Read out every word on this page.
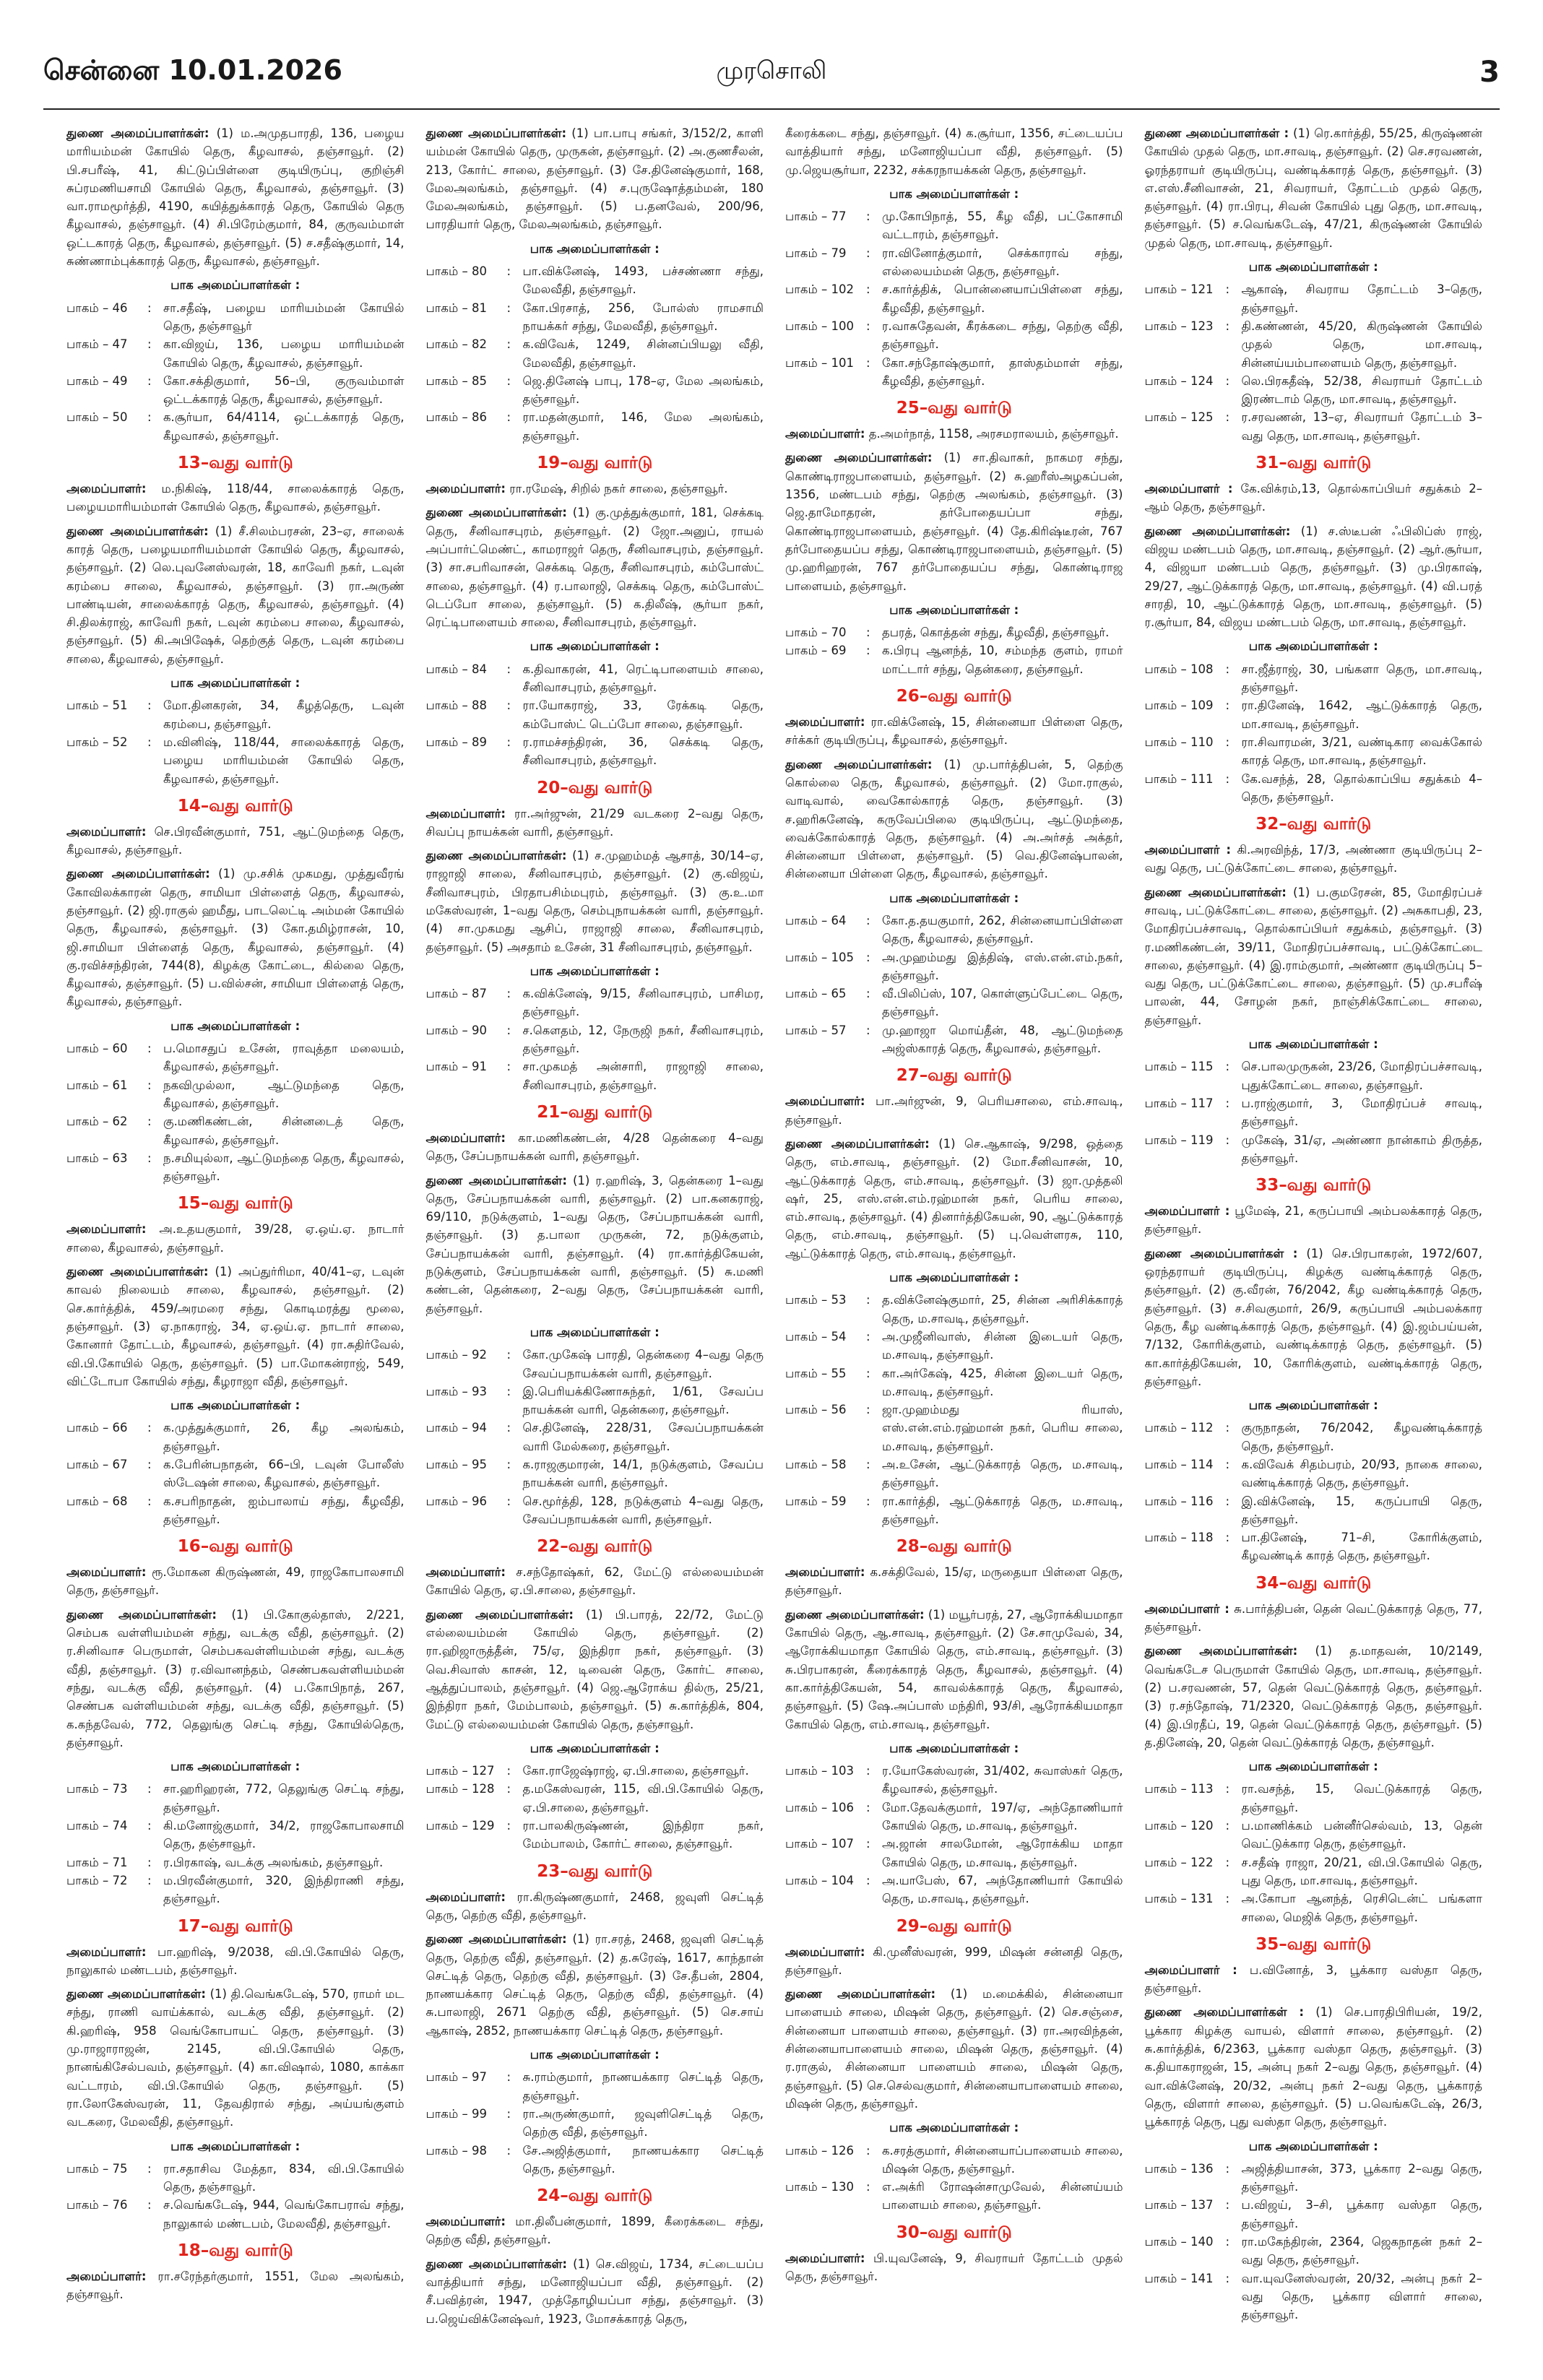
சென்னை 10.01.2026	முரசொலி	3

துணை அமைப்பாளர்கள்: (1) ம.அமுதபாரதி, 136, பழைய மாரியம்மன் கோயில் தெரு, கீழவாசல், தஞ்சாவூர். (2) பி.சபரீஷ், 41, கிட்டுப்பிள்ளை குடியிருப்பு, குறிஞ்சி சுப்ரமணியசாமி கோயில் தெரு, கீழவாசல், தஞ்சாவூர். (3) வா.ராமமூர்த்தி, 4190, கயித்துக்காரத் தெரு, கோயில் தெரு கீழவாசல், தஞ்சாவூர். (4) சி.பிரேம்குமார், 84, குருவம்மாள் ஒட்டகாரத் தெரு, கீழவாசல், தஞ்சாவூர். (5) ச.சதீஷ்குமார், 14, சுண்ணாம்புக்காரத் தெரு, கீழவாசல், தஞ்சாவூர்.

பாக அமைப்பாளர்கள் :
பாகம் – 46	: சா.சதீஷ், பழைய மாரியம்மன் கோயில் தெரு, தஞ்சாவூர்
பாகம் – 47	: கா.விஜய், 136, பழைய மாரியம்மன் கோயில் தெரு, கீழவாசல், தஞ்சாவூர்.
பாகம் – 49	: கோ.சக்திகுமார், 56–பி, குருவம்மாள் ஒட்டக்காரத் தெரு, கீழவாசல், தஞ்சாவூர்.
பாகம் – 50	: க.சூர்யா, 64/4114, ஒட்டக்காரத் தெரு, கீழவாசல், தஞ்சாவூர்.
13–வது வார்டு

அமைப்பாளர்: ம.நிகிஷ், 118/44, சாலைக்காரத் தெரு, பழையமாரியம்மாள் கோயில் தெரு, கீழவாசல், தஞ்சாவூர்.

துணை அமைப்பாளர்கள்: (1) சீ.சிலம்பரசன், 23–ஏ, சாலைக் காரத் தெரு, பழையமாரியம்மாள் கோயில் தெரு, கீழவாசல், தஞ்சாவூர். (2) லெ.புவனேஸ்வரன், 18, காவேரி நகர், டவுன் கரம்பை சாலை, கீழவாசல், தஞ்சாவூர். (3) ரா.அருண் பாண்டியன், சாலைக்காரத் தெரு, கீழவாசல், தஞ்சாவூர். (4) சி.திலக்ராஜ், காவேரி நகர், டவுன் கரம்பை சாலை, கீழவாசல், தஞ்சாவூர். (5) கி.அபிஷேக், தெற்குத் தெரு, டவுன் கரம்பை சாலை, கீழவாசல், தஞ்சாவூர்.

பாக அமைப்பாளர்கள் :
பாகம் – 51	: மோ.தினகரன், 34, கீழத்தெரு, டவுன் கரம்பை, தஞ்சாவூர்.
பாகம் – 52	: ம.வினிஷ், 118/44, சாலைக்காரத் தெரு, பழைய மாரியம்மன் கோயில் தெரு, கீழவாசல், தஞ்சாவூர்.
14–வது வார்டு

அமைப்பாளர்: செ.பிரவீன்குமார், 751, ஆட்டுமந்தை தெரு, கீழவாசல், தஞ்சாவூர்.

துணை அமைப்பாளர்கள்: (1) மு.சசிக் முகமது, முத்துவீரங் கோவிலக்காரன் தெரு, சாமியா பிள்ளைத் தெரு, கீழவாசல், தஞ்சாவூர். (2) ஜி.ராகுல் ஹமீது, பாடலெட்டி அம்மன் கோயில் தெரு, கீழவாசல், தஞ்சாவூர். (3) கோ.தமிழ்ராசன், 10, ஜி.சாமியா பிள்ளைத் தெரு, கீழவாசல், தஞ்சாவூர். (4) கு.ரவிச்சந்திரன், 744(8), கிழக்கு கோட்டை, கில்லை தெரு, கீழவாசல், தஞ்சாவூர். (5) ப.வில்சன், சாமியா பிள்ளைத் தெரு, கீழவாசல், தஞ்சாவூர்.

பாக அமைப்பாளர்கள் :
பாகம் – 60	: ப.மொசதுப் உசேன், ராவுத்தா மலையம், கீழவாசல், தஞ்சாவூர்.
பாகம் – 61	: நகவிமுல்லா, ஆட்டுமந்தை தெரு, கீழவாசல், தஞ்சாவூர்.
பாகம் – 62	: கு.மணிகண்டன், சின்னடைத் தெரு, கீழவாசல், தஞ்சாவூர்.
பாகம் – 63	: ந.சமியுல்லா, ஆட்டுமந்தை தெரு, கீழவாசல், தஞ்சாவூர்.
15–வது வார்டு

அமைப்பாளர்: அ.உதயகுமார், 39/28, ஏ.ஒய்.ஏ. நாடார் சாலை, கீழவாசல், தஞ்சாவூர்.

துணை அமைப்பாளர்கள்: (1) அப்துர்ரிமா, 40/41–ஏ, டவுன் காவல் நிலையம் சாலை, கீழவாசல், தஞ்சாவூர். (2) செ.கார்த்திக், 459/அரமரை சந்து, கொடிமரத்து மூலை, தஞ்சாவூர். (3) ஏ.நாகராஜ், 34, ஏ.ஒய்.ஏ. நாடார் சாலை, கோனார் தோட்டம், கீழவாசல், தஞ்சாவூர். (4) ரா.சுதிர்வேல், வி.பி.கோயில் தெரு, தஞ்சாவூர். (5) பா.மோகன்ராஜ், 549, விட்டோபா கோயில் சந்து, கீழராஜா வீதி, தஞ்சாவூர்.

பாக அமைப்பாளர்கள் :
பாகம் – 66	: க.முத்துக்குமார், 26, கீழ அலங்கம், தஞ்சாவூர்.
பாகம் – 67	: க.பேரின்பநாதன், 66–பி, டவுன் போலீஸ் ஸ்டேஷன் சாலை, கீழவாசல், தஞ்சாவூர்.
பாகம் – 68	: க.சபரிநாதன், ஐம்பாலாய் சந்து, கீழவீதி, தஞ்சாவூர்.
16–வது வார்டு

அமைப்பாளர்: ரூ.மோகன கிருஷ்ணன், 49, ராஜகோபாலசாமி தெரு, தஞ்சாவூர்.

துணை அமைப்பாளர்கள்: (1) பி.கோகுல்தாஸ், 2/221, செம்பக வள்ளியம்மன் சந்து, வடக்கு வீதி, தஞ்சாவூர். (2) ர.சினிவாச பெருமாள், செம்பகவள்ளியம்மன் சந்து, வடக்கு வீதி, தஞ்சாவூர். (3) ர.விவானந்தம், செண்பகவள்ளியம்மன் சந்து, வடக்கு வீதி, தஞ்சாவூர். (4) ப.கோபிநாத், 267, செண்பக வள்ளியம்மன் சந்து, வடக்கு வீதி, தஞ்சாவூர். (5) க.கந்தவேல், 772, தெலுங்கு செட்டி சந்து, கோயில்தெரு, தஞ்சாவூர்.

பாக அமைப்பாளர்கள் :
பாகம் – 73	: சா.ஹரிஹரன், 772, தெலுங்கு செட்டி சந்து, தஞ்சாவூர்.
பாகம் – 74	: கி.மனோஜ்குமார், 34/2, ராஜகோபாலசாமி தெரு, தஞ்சாவூர்.
பாகம் – 71	: ர.பிரகாஷ், வடக்கு அலங்கம், தஞ்சாவூர்.
பாகம் – 72	: ம.பிரவீன்குமார், 320, இந்திராணி சந்து, தஞ்சாவூர்.
17–வது வார்டு

அமைப்பாளர்: பா.ஹரிஷ், 9/2038, வி.பி.கோயில் தெரு, நாலுகால் மண்டபம், தஞ்சாவூர்.

துணை அமைப்பாளர்கள்: (1) தி.வெங்கடேஷ், 570, ராமர் மட சந்து, ராணி வாய்க்கால், வடக்கு வீதி, தஞ்சாவூர். (2) கி.ஹரிஷ், 958 வெங்கோபாயட் தெரு, தஞ்சாவூர். (3) மு.ராஜாராஜன், 2145, வி.பி.கோயில் தெரு, நானங்கிசேல்பவம், தஞ்சாவூர். (4) கா.விஷால், 1080, காக்கா வட்டாரம், வி.பி.கோயில் தெரு, தஞ்சாவூர். (5) ரா.லோகேஸ்வரன், 11, தேவதிரால் சந்து, அய்யங்குளம் வடகரை, மேலவீதி, தஞ்சாவூர்.

பாக அமைப்பாளர்கள் :
பாகம் – 75	: ரா.சதாசிவ மேத்தா, 834, வி.பி.கோயில் தெரு, தஞ்சாவூர்.
பாகம் – 76	: ச.வெங்கடேஷ், 944, வெங்கோபராவ் சந்து, நாலுகால் மண்டபம், மேலவீதி, தஞ்சாவூர்.
18–வது வார்டு

அமைப்பாளர்: ரா.சரேந்தர்குமார், 1551, மேல அலங்கம், தஞ்சாவூர்.

துணை அமைப்பாளர்கள்: (1) பா.பாபு சங்கர், 3/152/2, காளி யம்மன் கோயில் தெரு, முருகன், தஞ்சாவூர். (2) அ.குணசீலன், 213, கோர்ட் சாலை, தஞ்சாவூர். (3) சே.தினேஷ்குமார், 168, மேலஅலங்கம், தஞ்சாவூர். (4) ச.புருஷோத்தம்மன், 180 மேலஅலங்கம், தஞ்சாவூர். (5) ப.தனவேல், 200/96, பாரதியார் தெரு, மேலஅலங்கம், தஞ்சாவூர்.

பாக அமைப்பாளர்கள் :
பாகம் – 80	: பா.விக்னேஷ், 1493, பச்சண்ணா சந்து, மேலவீதி, தஞ்சாவூர்.
பாகம் – 81	: கோ.பிரசாத், 256, போல்ஸ் ராமசாமி நாயக்கர் சந்து, மேலவீதி, தஞ்சாவூர்.
பாகம் – 82	: க.விவேக், 1249, சின்னப்பியலு வீதி, மேலவீதி, தஞ்சாவூர்.
பாகம் – 85	: ஜெ.தினேஷ் பாபு, 178–ஏ, மேல அலங்கம், தஞ்சாவூர்.
பாகம் – 86	: ரா.மதன்குமார், 146, மேல அலங்கம், தஞ்சாவூர்.
19–வது வார்டு

அமைப்பாளர்: ரா.ரமேஷ், சிறில் நகர் சாலை, தஞ்சாவூர்.

துணை அமைப்பாளர்கள்: (1) கு.முத்துக்குமார், 181, செக்கடி தெரு, சீனிவாசபுரம், தஞ்சாவூர். (2) ஜோ.அனுப், ராயல் அப்பார்ட்மெண்ட், காமராஜர் தெரு, சீனிவாசபுரம், தஞ்சாவூர். (3) சா.சபரிவாசன், செக்கடி தெரு, சீனிவாசபுரம், கம்போஸ்ட் சாலை, தஞ்சாவூர். (4) ர.பாலாஜி, செக்கடி தெரு, கம்போஸ்ட் டெப்போ சாலை, தஞ்சாவூர். (5) க.திலீஷ், சூர்யா நகர், ரெட்டிபாளையம் சாலை, சீனிவாசபுரம், தஞ்சாவூர்.

பாக அமைப்பாளர்கள் :
பாகம் – 84	: க.திவாகரன், 41, ரெட்டிபாளையம் சாலை, சீனிவாசபுரம், தஞ்சாவூர்.
பாகம் – 88	: ரா.யோகராஜ், 33, ரேக்கடி தெரு, கம்போஸ்ட் டெப்போ சாலை, தஞ்சாவூர்.
பாகம் – 89	: ர.ராமச்சந்திரன், 36, செக்கடி தெரு, சீனிவாசபுரம், தஞ்சாவூர்.
20–வது வார்டு

அமைப்பாளர்: ரா.அர்ஜுன், 21/29 வடகரை 2–வது தெரு, சிவப்பு நாயக்கன் வாரி, தஞ்சாவூர்.

துணை அமைப்பாளர்கள்: (1) ச.முஹம்மத் ஆசாத், 30/14–ஏ, ராஜாஜி சாலை, சீனிவாசபுரம், தஞ்சாவூர். (2) கு.விஜய், சீனிவாசபுரம், பிரதாபசிம்மபுரம், தஞ்சாவூர். (3) கு.உ.மா மகேஸ்வரன், 1–வது தெரு, செம்புநாயக்கன் வாரி, தஞ்சாவூர். (4) சா.முகமது ஆசிப், ராஜாஜி சாலை, சீனிவாசபுரம், தஞ்சாவூர். (5) அசதாம் உசேன், 31 சீனிவாசபுரம், தஞ்சாவூர்.

பாக அமைப்பாளர்கள் :
பாகம் – 87	: க.விக்னேஷ், 9/15, சீனிவாசபுரம், பாசிமர, தஞ்சாவூர்.
பாகம் – 90	: ச.கௌதம், 12, நேருஜி நகர், சீனிவாசபுரம், தஞ்சாவூர்.
பாகம் – 91	: சா.முகமத் அன்சாரி, ராஜாஜி சாலை, சீனிவாசபுரம், தஞ்சாவூர்.
21–வது வார்டு

அமைப்பாளர்: கா.மணிகண்டன், 4/28 தென்கரை 4–வது தெரு, சேப்பநாயக்கன் வாரி, தஞ்சாவூர்.

துணை அமைப்பாளர்கள்: (1) ர.ஹரிஷ், 3, தென்கரை 1–வது தெரு, சேப்பநாயக்கன் வாரி, தஞ்சாவூர். (2) பா.கனகராஜ், 69/110, நடுக்குளம், 1–வது தெரு, சேப்பநாயக்கன் வாரி, தஞ்சாவூர். (3) த.பாலா முருகன், 72, நடுக்குளம், சேப்பநாயக்கன் வாரி, தஞ்சாவூர். (4) ரா.கார்த்திகேயன், நடுக்குளம், சேப்பநாயக்கன் வாரி, தஞ்சாவூர். (5) சு.மணி கண்டன், தென்கரை, 2–வது தெரு, சேப்பநாயக்கன் வாரி, தஞ்சாவூர்.

பாக அமைப்பாளர்கள் :
பாகம் – 92	: கோ.முகேஷ் பாரதி, தென்கரை 4–வது தெரு சேவப்பநாயக்கன் வாரி, தஞ்சாவூர்.
பாகம் – 93	: இ.பெரியக்கிணோசுந்தர், 1/61, சேவப்ப நாயக்கன் வாரி, தென்கரை, தஞ்சாவூர்.
பாகம் – 94	: செ.தினேஷ், 228/31, சேவப்பநாயக்கன் வாரி மேல்கரை, தஞ்சாவூர்.
பாகம் – 95	: க.ராஜகுமாரன், 14/1, நடுக்குளம், சேவப்ப நாயக்கன் வாரி, தஞ்சாவூர்.
பாகம் – 96	: செ.மூர்த்தி, 128, நடுக்குளம் 4–வது தெரு, சேவப்பநாயக்கன் வாரி, தஞ்சாவூர்.
22–வது வார்டு

அமைப்பாளர்: ச.சந்தோஷ்கர், 62, மேட்டு எல்லையம்மன் கோயில் தெரு, ஏ.பி.சாலை, தஞ்சாவூர்.

துணை அமைப்பாளர்கள்: (1) பி.பாரத், 22/72, மேட்டு எல்லையம்மன் கோயில் தெரு, தஞ்சாவூர். (2) ரா.ஹிஜாருத்தீன், 75/ஏ, இந்திரா நகர், தஞ்சாவூர். (3) வெ.சிவாஸ் காசன், 12, டிவைன் தெரு, கோர்ட் சாலை, ஆத்துப்பாலம், தஞ்சாவூர். (4) ஜெ.ஆரோக்ய தில்ரு, 25/21, இந்திரா நகர், மேம்பாலம், தஞ்சாவூர். (5) சு.கார்த்திக், 804, மேட்டு எல்லையம்மன் கோயில் தெரு, தஞ்சாவூர்.

பாக அமைப்பாளர்கள் :
பாகம் – 127	: கோ.ராஜேஷ்ராஜ், ஏ.பி.சாலை, தஞ்சாவூர்.
பாகம் – 128	: த.மகேஸ்வரன், 115, வி.பி.கோயில் தெரு, ஏ.பி.சாலை, தஞ்சாவூர்.
பாகம் – 129	: ரா.பாலகிருஷ்ணன், இந்திரா நகர், மேம்பாலம், கோர்ட் சாலை, தஞ்சாவூர்.
23–வது வார்டு

அமைப்பாளர்: ரா.கிருஷ்ணகுமார், 2468, ஜவுளி செட்டித் தெரு, தெற்கு வீதி, தஞ்சாவூர்.

துணை அமைப்பாளர்கள்: (1) ரா.சரத், 2468, ஜவுளி செட்டித் தெரு, தெற்கு வீதி, தஞ்சாவூர். (2) த.சுரேஷ், 1617, காந்தான் செட்டித் தெரு, தெற்கு வீதி, தஞ்சாவூர். (3) சே.தீபன், 2804, நாணயக்கார செட்டித் தெரு, தெற்கு வீதி, தஞ்சாவூர். (4) சு.பாலாஜி, 2671 தெற்கு வீதி, தஞ்சாவூர். (5) செ.சாய் ஆகாஷ், 2852, நாணயக்கார செட்டித் தெரு, தஞ்சாவூர்.

பாக அமைப்பாளர்கள் :
பாகம் – 97	: சு.ராம்குமார், நாணயக்கார செட்டித் தெரு, தஞ்சாவூர்.
பாகம் – 99	: ரா.அருண்குமார், ஜவுளிசெட்டித் தெரு, தெற்கு வீதி, தஞ்சாவூர்.
பாகம் – 98	: சே.அஜித்குமார், நாணயக்கார செட்டித் தெரு, தஞ்சாவூர்.
24–வது வார்டு

அமைப்பாளர்: மா.திலீபன்குமார், 1899, கீரைக்கடை சந்து, தெற்கு வீதி, தஞ்சாவூர்.

துணை அமைப்பாளர்கள்: (1) செ.விஜய், 1734, சட்டையப்ப வாத்தியார் சந்து, மனோஜியப்பா வீதி, தஞ்சாவூர். (2) சீ.பவித்ரன், 1947, முத்தோழியப்பா சந்து, தஞ்சாவூர். (3) ப.ஜெய்விக்னேஷ்வர், 1923, மோசக்காரத் தெரு,

கீரைக்கடை சந்து, தஞ்சாவூர். (4) க.சூர்யா, 1356, சட்டையப்ப வாத்தியார் சந்து, மனோஜியப்பா வீதி, தஞ்சாவூர். (5) மு.ஜெயசூர்யா, 2232, சக்கரநாயக்கன் தெரு, தஞ்சாவூர்.

பாக அமைப்பாளர்கள் :
பாகம் – 77	: மு.கோபிநாத், 55, கீழ வீதி, பட்கோசாமி வட்டாரம், தஞ்சாவூர்.
பாகம் – 79	: ரா.வினோத்குமார், செக்காராவ் சந்து, எல்லையம்மன் தெரு, தஞ்சாவூர்.
பாகம் – 102	: ச.கார்த்திக், பொன்னையாப்பிள்ளை சந்து, கீழவீதி, தஞ்சாவூர்.
பாகம் – 100	: ர.வாசுதேவன், கீரக்கடை சந்து, தெற்கு வீதி, தஞ்சாவூர்.
பாகம் – 101	: கோ.சந்தோஷ்குமார், தாஸ்தம்மாள் சந்து, கீழவீதி, தஞ்சாவூர்.
25–வது வார்டு

அமைப்பாளர்: த.அமர்நாத், 1158, அரசமராலயம், தஞ்சாவூர்.

துணை அமைப்பாளர்கள்: (1) சா.திவாகர், நாகமர சந்து, கொண்டிராஜபாளையம், தஞ்சாவூர். (2) சு.ஹரீஸ்அழகப்பன், 1356, மண்டபம் சந்து, தெற்கு அலங்கம், தஞ்சாவூர். (3) ஜெ.தாமோதரன், தர்போதையப்பா சந்து, கொண்டிராஜபாளையம், தஞ்சாவூர். (4) தே.கிரிஷ்டீரன், 767 தர்போதையப்ப சந்து, கொண்டிராஜபாளையம், தஞ்சாவூர். (5) மு.ஹரிஹரன், 767 தர்போதையப்ப சந்து, கொண்டிராஜ பாளையம், தஞ்சாவூர்.

பாக அமைப்பாளர்கள் :
பாகம் – 70	: தபரத், கொத்தன் சந்து, கீழவீதி, தஞ்சாவூர்.
பாகம் – 69	: க.பிரபு ஆனந்த், 10, சம்மந்த குளம், ராமர் மாட்டார் சந்து, தென்கரை, தஞ்சாவூர்.
26–வது வார்டு

அமைப்பாளர்: ரா.விக்னேஷ், 15, சின்னையா பிள்ளை தெரு, சர்க்கர் குடியிருப்பு, கீழவாசல், தஞ்சாவூர்.

துணை அமைப்பாளர்கள்: (1) மு.பார்த்திபன், 5, தெற்கு கொல்லை தெரு, கீழவாசல், தஞ்சாவூர். (2) மோ.ராகுல், வாடிவால், வைகோல்காரத் தெரு, தஞ்சாவூர். (3) ச.ஹரிசுனேஷ், கருவேப்பிலை குடியிருப்பு, ஆட்டுமந்தை, வைக்கோல்காரத் தெரு, தஞ்சாவூர். (4) அ.அர்சத் அக்தர், சின்னையா பிள்ளை, தஞ்சாவூர். (5) வெ.தினேஷ்பாலன், சின்னையா பிள்ளை தெரு, கீழவாசல், தஞ்சாவூர்.

பாக அமைப்பாளர்கள் :
பாகம் – 64	: கோ.த.தயகுமார், 262, சின்னையாப்பிள்ளை தெரு, கீழவாசல், தஞ்சாவூர்.
பாகம் – 105	: அ.முஹம்மது இத்திஷ், எஸ்.என்.எம்.நகர், தஞ்சாவூர்.
பாகம் – 65	: வீ.பிலிப்ஸ், 107, கொள்ளுப்பேட்டை தெரு, தஞ்சாவூர்.
பாகம் – 57	: மு.ஹாஜா மொய்தீன், 48, ஆட்டுமந்தை அஜ்ஸ்காரத் தெரு, கீழவாசல், தஞ்சாவூர்.
27–வது வார்டு

அமைப்பாளர்: பா.அர்ஜுன், 9, பெரியசாலை, எம்.சாவடி, தஞ்சாவூர்.

துணை அமைப்பாளர்கள்: (1) செ.ஆகாஷ், 9/298, ஒத்தை தெரு, எம்.சாவடி, தஞ்சாவூர். (2) மோ.சீனிவாசன், 10, ஆட்டுக்காரத் தெரு, எம்.சாவடி, தஞ்சாவூர். (3) ஜா.முத்தலி ஷர், 25, எஸ்.என்.எம்.ரஹ்மான் நகர், பெரிய சாலை, எம்.சாவடி, தஞ்சாவூர். (4) தினார்த்திகேயன், 90, ஆட்டுக்காரத் தெரு, எம்.சாவடி, தஞ்சாவூர். (5) பு.வெள்ளரசு, 110, ஆட்டுக்காரத் தெரு, எம்.சாவடி, தஞ்சாவூர்.

பாக அமைப்பாளர்கள் :
பாகம் – 53	: த.விக்னேஷ்குமார், 25, சின்ன அரிசிக்காரத் தெரு, ம.சாவடி, தஞ்சாவூர்.
பாகம் – 54	: அ.முஜீனிவாஸ், சின்ன இடையர் தெரு, ம.சாவடி, தஞ்சாவூர்.
பாகம் – 55	: கா.அர்கேஷ், 425, சின்ன இடையர் தெரு, ம.சாவடி, தஞ்சாவூர்.
பாகம் – 56	: ஜா.முஹம்மது ரியாஸ், எஸ்.என்.எம்.ரஹ்மான் நகர், பெரிய சாலை, ம.சாவடி, தஞ்சாவூர்.
பாகம் – 58	: அ.உசேன், ஆட்டுக்காரத் தெரு, ம.சாவடி, தஞ்சாவூர்.
பாகம் – 59	: ரா.கார்த்தி, ஆட்டுக்காரத் தெரு, ம.சாவடி, தஞ்சாவூர்.
28–வது வார்டு

அமைப்பாளர்: க.சக்திவேல், 15/ஏ, மருதையா பிள்ளை தெரு, தஞ்சாவூர்.

துணை அமைப்பாளர்கள்: (1) மயூர்பரத், 27, ஆரோக்கியமாதா கோயில் தெரு, ஆ.சாவடி, தஞ்சாவூர். (2) சே.சாமுவேல், 34, ஆரோக்கியமாதா கோயில் தெரு, எம்.சாவடி, தஞ்சாவூர். (3) சு.பிரபாகரன், கீரைக்காரத் தெரு, கீழவாசல், தஞ்சாவூர். (4) கா.கார்த்திகேயன், 54, காவல்க்காரத் தெரு, கீழவாசல், தஞ்சாவூர். (5) ஷே.அப்பாஸ் மந்திரி, 93/சி, ஆரோக்கியமாதா கோயில் தெரு, எம்.சாவடி, தஞ்சாவூர்.

பாக அமைப்பாளர்கள் :
பாகம் – 103	: ர.யோகேஸ்வரன், 31/402, சுவாஸ்கர் தெரு, கீழவாசல், தஞ்சாவூர்.
பாகம் – 106	: மோ.தேவக்குமார், 197/ஏ, அந்தோணியார் கோயில் தெரு, ம.சாவடி, தஞ்சாவூர்.
பாகம் – 107	: அ.ஜான் சாலமோன், ஆரோக்கிய மாதா கோயில் தெரு, ம.சாவடி, தஞ்சாவூர்.
பாகம் – 104	: அ.யாபேஸ், 67, அந்தோணியார் கோயில் தெரு, ம.சாவடி, தஞ்சாவூர்.
29–வது வார்டு

அமைப்பாளர்: கி.முனீஸ்வரன், 999, மிஷன் சன்னதி தெரு, தஞ்சாவூர்.

துணை அமைப்பாளர்கள்: (1) ம.மைக்கில், சின்னையா பாளையம் சாலை, மிஷன் தெரு, தஞ்சாவூர். (2) செ.சஞ்சை, சின்னையா பாளையம் சாலை, தஞ்சாவூர். (3) ரா.அரவிந்தன், சின்னையாபாளையம் சாலை, மிஷன் தெரு, தஞ்சாவூர். (4) ர.ராகுல், சின்னையா பாளையம் சாலை, மிஷன் தெரு, தஞ்சாவூர். (5) செ.செல்வகுமார், சின்னையாபாளையம் சாலை, மிஷன் தெரு, தஞ்சாவூர்.

பாக அமைப்பாளர்கள் :
பாகம் – 126	: க.சரத்குமார், சின்னையாப்பாளையம் சாலை, மிஷன் தெரு, தஞ்சாவூர்.
பாகம் – 130	: எ.அக்ரி ரோஷன்சாமுவேல், சின்னய்யம் பாளையம் சாலை, தஞ்சாவூர்.
30–வது வார்டு

அமைப்பாளர்: பி.யுவனேஷ், 9, சிவராயர் தோட்டம் முதல் தெரு, தஞ்சாவூர்.

துணை அமைப்பாளர்கள் : (1) ரெ.கார்த்தி, 55/25, கிருஷ்ணன் கோயில் முதல் தெரு, மா.சாவடி, தஞ்சாவூர். (2) செ.சரவணன், ஓரந்தராயர் குடியிருப்பு, வண்டிக்காரத் தெரு, தஞ்சாவூர். (3) எ.எஸ்.சீனிவாசன், 21, சிவராயர், தோட்டம் முதல் தெரு, தஞ்சாவூர். (4) ரா.பிரபு, சிவன் கோயில் புது தெரு, மா.சாவடி, தஞ்சாவூர். (5) ச.வெங்கடேஷ், 47/21, கிருஷ்ணன் கோயில் முதல் தெரு, மா.சாவடி, தஞ்சாவூர்.

பாக அமைப்பாளர்கள் :
பாகம் – 121	: ஆகாஷ், சிவராய தோட்டம் 3–தெரு, தஞ்சாவூர்.
பாகம் – 123	: தி.கண்ணன், 45/20, கிருஷ்ணன் கோயில் முதல் தெரு, மா.சாவடி, சின்னய்யம்பாளையம் தெரு, தஞ்சாவூர்.
பாகம் – 124	: லெ.பிரகதீஷ், 52/38, சிவராயர் தோட்டம் இரண்டாம் தெரு, மா.சாவடி, தஞ்சாவூர்.
பாகம் – 125	: ர.சரவணன், 13–ஏ, சிவராயர் தோட்டம் 3–வது தெரு, மா.சாவடி, தஞ்சாவூர்.
31–வது வார்டு

அமைப்பாளர் : கே.விக்ரம்,13, தொல்காப்பியர் சதுக்கம் 2–ஆம் தெரு, தஞ்சாவூர்.

துணை அமைப்பாளர்கள்: (1) ச.ஸ்டீபன் ஃபிலிப்ஸ் ராஜ், விஜய மண்டபம் தெரு, மா.சாவடி, தஞ்சாவூர். (2) ஆர்.சூர்யா, 4, விஜயா மண்டபம் தெரு, தஞ்சாவூர். (3) மு.பிரகாஷ், 29/27, ஆட்டுக்காரத் தெரு, மா.சாவடி, தஞ்சாவூர். (4) வி.பரத் சாரதி, 10, ஆட்டுக்காரத் தெரு, மா.சாவடி, தஞ்சாவூர். (5) ர.சூர்யா, 84, விஜய மண்டபம் தெரு, மா.சாவடி, தஞ்சாவூர்.

பாக அமைப்பாளர்கள் :
பாகம் – 108	: சா.ஜீத்ராஜ், 30, பங்களா தெரு, மா.சாவடி, தஞ்சாவூர்.
பாகம் – 109	: ரா.தினேஷ், 1642, ஆட்டுக்காரத் தெரு, மா.சாவடி, தஞ்சாவூர்.
பாகம் – 110	: ரா.சிவாரமன், 3/21, வண்டிகார வைக்கோல் காரத் தெரு, மா.சாவடி, தஞ்சாவூர்.
பாகம் – 111	: கே.வசந்த், 28, தொல்காப்பிய சதுக்கம் 4–தெரு, தஞ்சாவூர்.
32–வது வார்டு

அமைப்பாளர் : கி.அரவிந்த், 17/3, அண்ணா குடியிருப்பு 2–வது தெரு, பட்டுக்கோட்டை சாலை, தஞ்சாவூர்.

துணை அமைப்பாளர்கள்: (1) ப.குமரேசன், 85, மோதிரப்பச் சாவடி, பட்டுக்கோட்டை சாலை, தஞ்சாவூர். (2) அசுகாபதி, 23, மோதிரப்பச்சாவடி, தொல்காப்பியர் சதுக்கம், தஞ்சாவூர். (3) ர.மணிகண்டன், 39/11, மோதிரப்பச்சாவடி, பட்டுக்கோட்டை சாலை, தஞ்சாவூர். (4) இ.ராம்குமார், அண்ணா குடியிருப்பு 5–வது தெரு, பட்டுக்கோட்டை சாலை, தஞ்சாவூர். (5) மு.சபரீஷ் பாலன், 44, சோழன் நகர், நாஞ்சிக்கோட்டை சாலை, தஞ்சாவூர்.

பாக அமைப்பாளர்கள் :
பாகம் – 115	: செ.பாலமுருகன், 23/26, மோதிரப்பச்சாவடி, புதுக்கோட்டை சாலை, தஞ்சாவூர்.
பாகம் – 117	: ப.ராஜ்குமார், 3, மோதிரப்பச் சாவடி, தஞ்சாவூர்.
பாகம் – 119	: முகேஷ், 31/ஏ, அண்ணா நான்காம் திருத்த, தஞ்சாவூர்.
33–வது வார்டு

அமைப்பாளர் : பூமேஷ், 21, கருப்பாயி அம்பலக்காரத் தெரு, தஞ்சாவூர்.

துணை அமைப்பாளர்கள் : (1) செ.பிரபாகரன், 1972/607, ஒரந்தராயர் குடியிருப்பு, கிழக்கு வண்டிக்காரத் தெரு, தஞ்சாவூர். (2) கு.வீரன், 76/2042, கீழ வண்டிக்காரத் தெரு, தஞ்சாவூர். (3) ச.சிவகுமார், 26/9, கருப்பாயி அம்பலக்கார தெரு, கீழ வண்டிக்காரத் தெரு, தஞ்சாவூர். (4) இ.ஜம்பய்யன், 7/132, கோரிக்குளம், வண்டிக்காரத் தெரு, தஞ்சாவூர். (5) கா.கார்த்திகேயன், 10, கோரிக்குளம், வண்டிக்காரத் தெரு, தஞ்சாவூர்.

பாக அமைப்பாளர்கள் :
பாகம் – 112	: குருநாதன், 76/2042, கீழவண்டிக்காரத் தெரு, தஞ்சாவூர்.
பாகம் – 114	: க.விவேக் சிதம்பரம், 20/93, நாகை சாலை, வண்டிக்காரத் தெரு, தஞ்சாவூர்.
பாகம் – 116	: இ.விக்னேஷ், 15, கருப்பாயி தெரு, தஞ்சாவூர்.
பாகம் – 118	: பா.தினேஷ், 71–சி, கோரிக்குளம், கீழவண்டிக் காரத் தெரு, தஞ்சாவூர்.
34–வது வார்டு

அமைப்பாளர் : சு.பார்த்திபன், தென் வெட்டுக்காரத் தெரு, 77, தஞ்சாவூர்.

துணை அமைப்பாளர்கள்: (1) த.மாதவன், 10/2149, வெங்கடேச பெருமாள் கோயில் தெரு, மா.சாவடி, தஞ்சாவூர். (2) ப.சரவணன், 57, தென் வெட்டுக்காரத் தெரு, தஞ்சாவூர். (3) ர.சந்தோஷ், 71/2320, வெட்டுக்காரத் தெரு, தஞ்சாவூர். (4) இ.பிரதீப், 19, தென் வெட்டுக்காரத் தெரு, தஞ்சாவூர். (5) த.தினேஷ், 20, தென் வெட்டுக்காரத் தெரு, தஞ்சாவூர்.

பாக அமைப்பாளர்கள் :
பாகம் – 113	: ரா.வசந்த், 15, வெட்டுக்காரத் தெரு, தஞ்சாவூர்.
பாகம் – 120	: ப.மாணிக்கம் பன்னீர்செல்வம், 13, தென் வெட்டுக்கார தெரு, தஞ்சாவூர்.
பாகம் – 122	: ச.சதீஷ் ராஜா, 20/21, வி.பி.கோயில் தெரு, புது தெரு, மா.சாவடி, தஞ்சாவூர்.
பாகம் – 131	: அ.கோபா ஆனந்த், ரெசிடென்ட் பங்களா சாலை, மெஜிக் தெரு, தஞ்சாவூர்.
35–வது வார்டு

அமைப்பாளர் : ப.வினோத், 3, பூக்கார வஸ்தா தெரு, தஞ்சாவூர்.

துணை அமைப்பாளர்கள் : (1) செ.பாரதிபிரியன், 19/2, பூக்கார கிழக்கு வாயல், விளார் சாலை, தஞ்சாவூர். (2) சு.கார்த்திக், 6/2363, பூக்கார வஸ்தா தெரு, தஞ்சாவூர். (3) க.தியாகராஜன், 15, அன்பு நகர் 2–வது தெரு, தஞ்சாவூர். (4) வா.விக்னேஷ், 20/32, அன்பு நகர் 2–வது தெரு, பூக்காரத் தெரு, விளார் சாலை, தஞ்சாவூர். (5) ப.வெங்கடேஷ், 26/3, பூக்காரத் தெரு, புது வஸ்தா தெரு, தஞ்சாவூர்.

பாக அமைப்பாளர்கள் :
பாகம் – 136	: அஜித்தியாசன், 373, பூக்கார 2–வது தெரு, தஞ்சாவூர்.
பாகம் – 137	: ப.விஜய், 3–சி, பூக்கார வஸ்தா தெரு, தஞ்சாவூர்.
பாகம் – 140	: ரா.மகேந்திரன், 2364, ஜெகநாதன் நகர் 2–வது தெரு, தஞ்சாவூர்.
பாகம் – 141	: வா.யுவனேஸ்வரன், 20/32, அன்பு நகர் 2–வது தெரு, பூக்கார விளார் சாலை, தஞ்சாவூர்.
